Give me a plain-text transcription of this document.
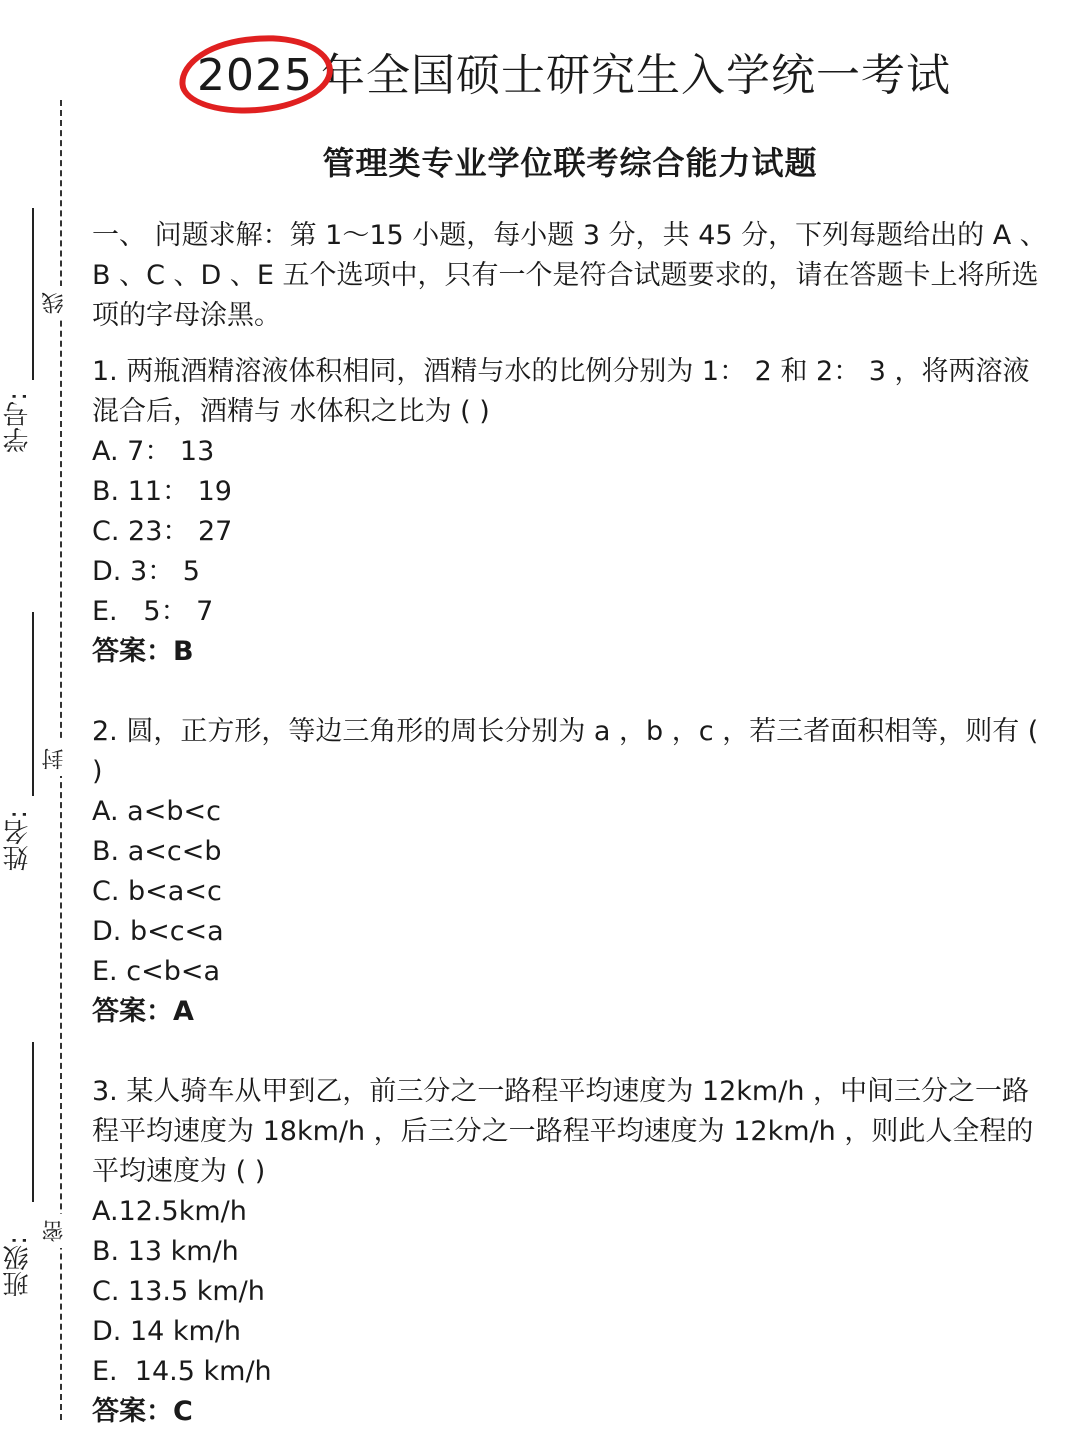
学号:
姓名:
班级:
线
封
密
2025 年全国硕士研究生入学统一考试
管理类专业学位联考综合能力试题

一、 问题求解：第 1～15 小题，每小题 3 分，共 45 分，下列每题给出的 A 、B 、C 、D 、E 五个选项中，只有一个是符合试题要求的，请在答题卡上将所选项的字母涂黑。

1. 两瓶酒精溶液体积相同，酒精与水的比例分别为 1： 2 和 2： 3 ，将两溶液混合后，酒精与 水体积之比为 ( )

A. 7： 13

B. 11： 19

C. 23： 27

D. 3： 5

E.   5： 7

答案：B

2. 圆，正方形，等边三角形的周长分别为 a ，b ，c ，若三者面积相等，则有 ( )

A. a<b<c

B. a<c<b

C. b<a<c

D. b<c<a

E. c<b<a

答案：A

3. 某人骑车从甲到乙，前三分之一路程平均速度为 12km/h ，中间三分之一路程平均速度为 18km/h ，后三分之一路程平均速度为 12km/h ，则此人全程的平均速度为 ( )

A.12.5km/h

B. 13 km/h

C. 13.5 km/h

D. 14 km/h

E.  14.5 km/h

答案：C
